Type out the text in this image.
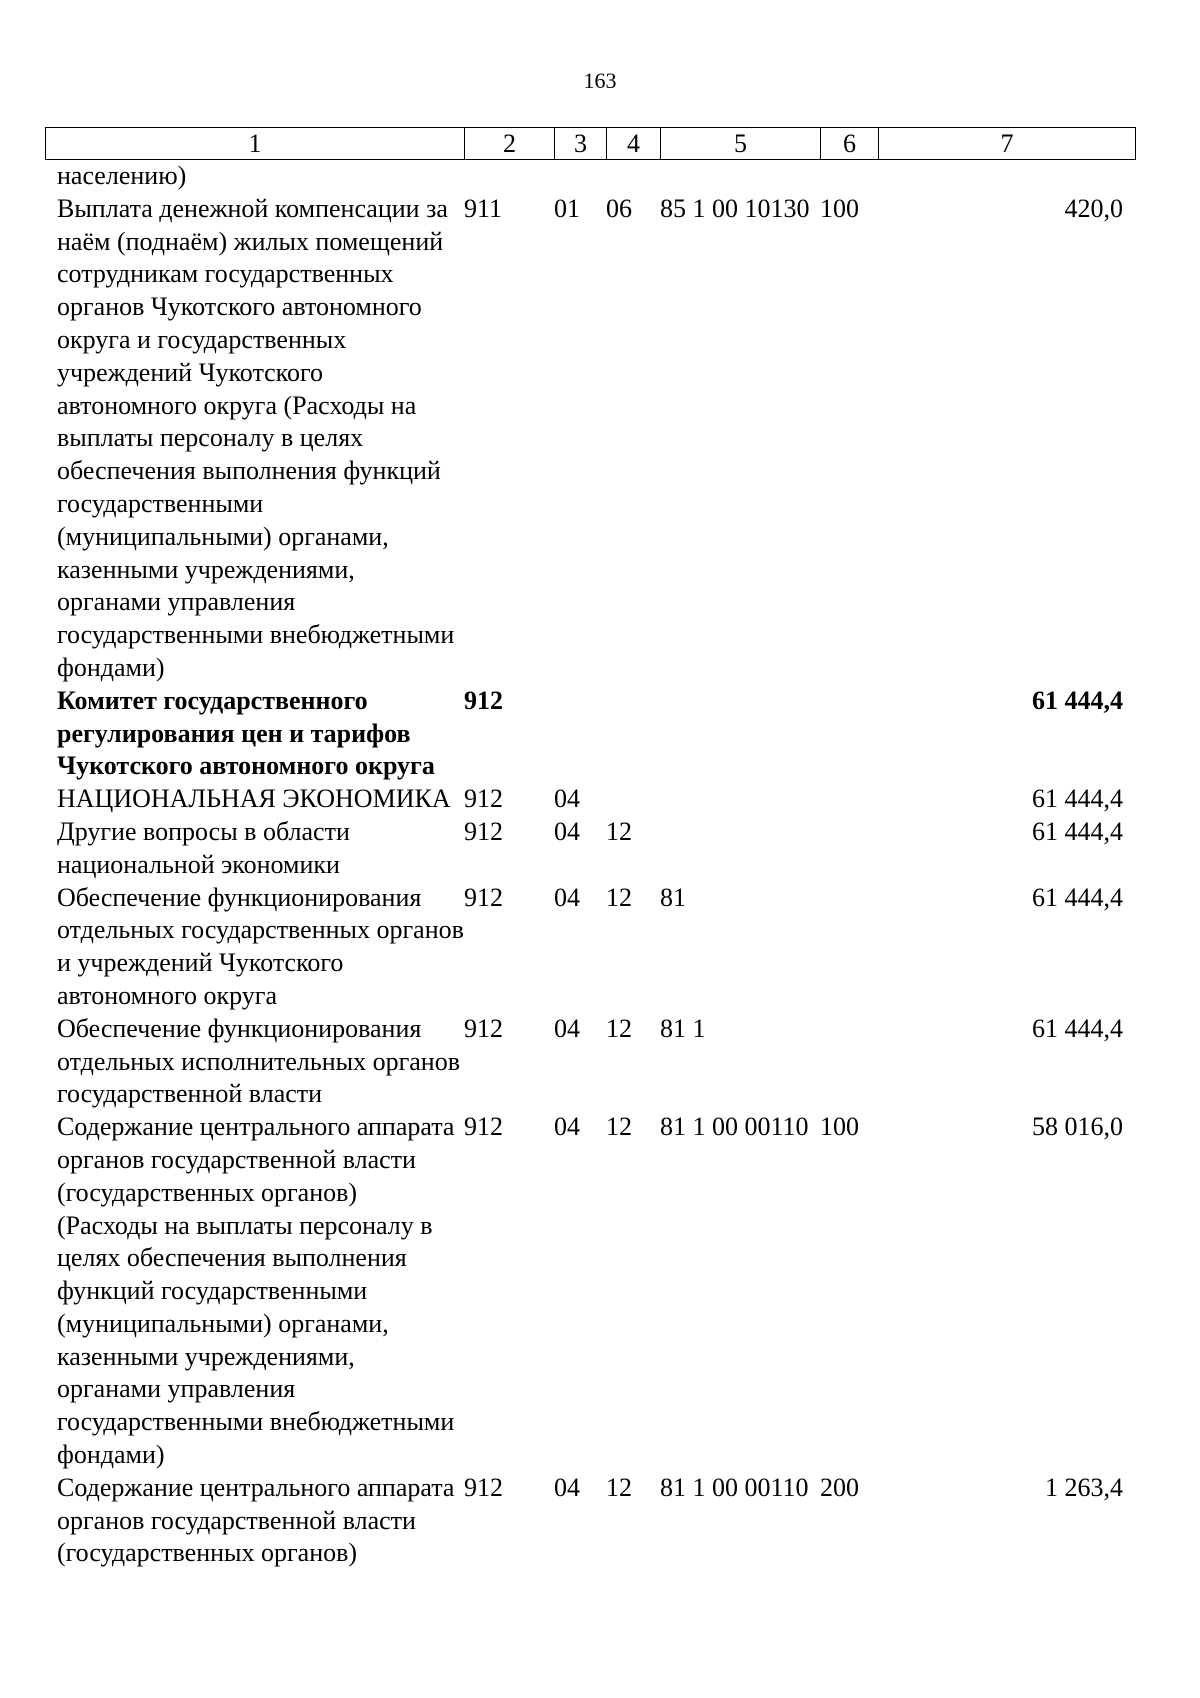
163
1	2	3	4	5	6	7
населению)						
Выплата денежной компенсации за наём (поднаём) жилых помещений сотрудникам государственных органов Чукотского автономного округа и государственных учреждений Чукотского автономного округа (Расходы на выплаты персоналу в целях обеспечения выполнения функций государственными (муниципальными) органами, казенными учреждениями, органами управления государственными внебюджетными фондами)	911	01	06	85 1 00 10130	100	420,0
Комитет государственного регулирования цен и тарифов Чукотского автономного округа	912					61 444,4
НАЦИОНАЛЬНАЯ ЭКОНОМИКА	912	04				61 444,4
Другие вопросы в области национальной экономики	912	04	12			61 444,4
Обеспечение функционирования отдельных государственных органов и учреждений Чукотского автономного округа	912	04	12	81		61 444,4
Обеспечение функционирования отдельных исполнительных органов государственной власти	912	04	12	81 1		61 444,4
Содержание центрального аппарата органов государственной власти (государственных органов) (Расходы на выплаты персоналу в целях обеспечения выполнения функций государственными (муниципальными) органами, казенными учреждениями, органами управления государственными внебюджетными фондами)	912	04	12	81 1 00 00110	100	58 016,0
Содержание центрального аппарата органов государственной власти (государственных органов)	912	04	12	81 1 00 00110	200	1 263,4
